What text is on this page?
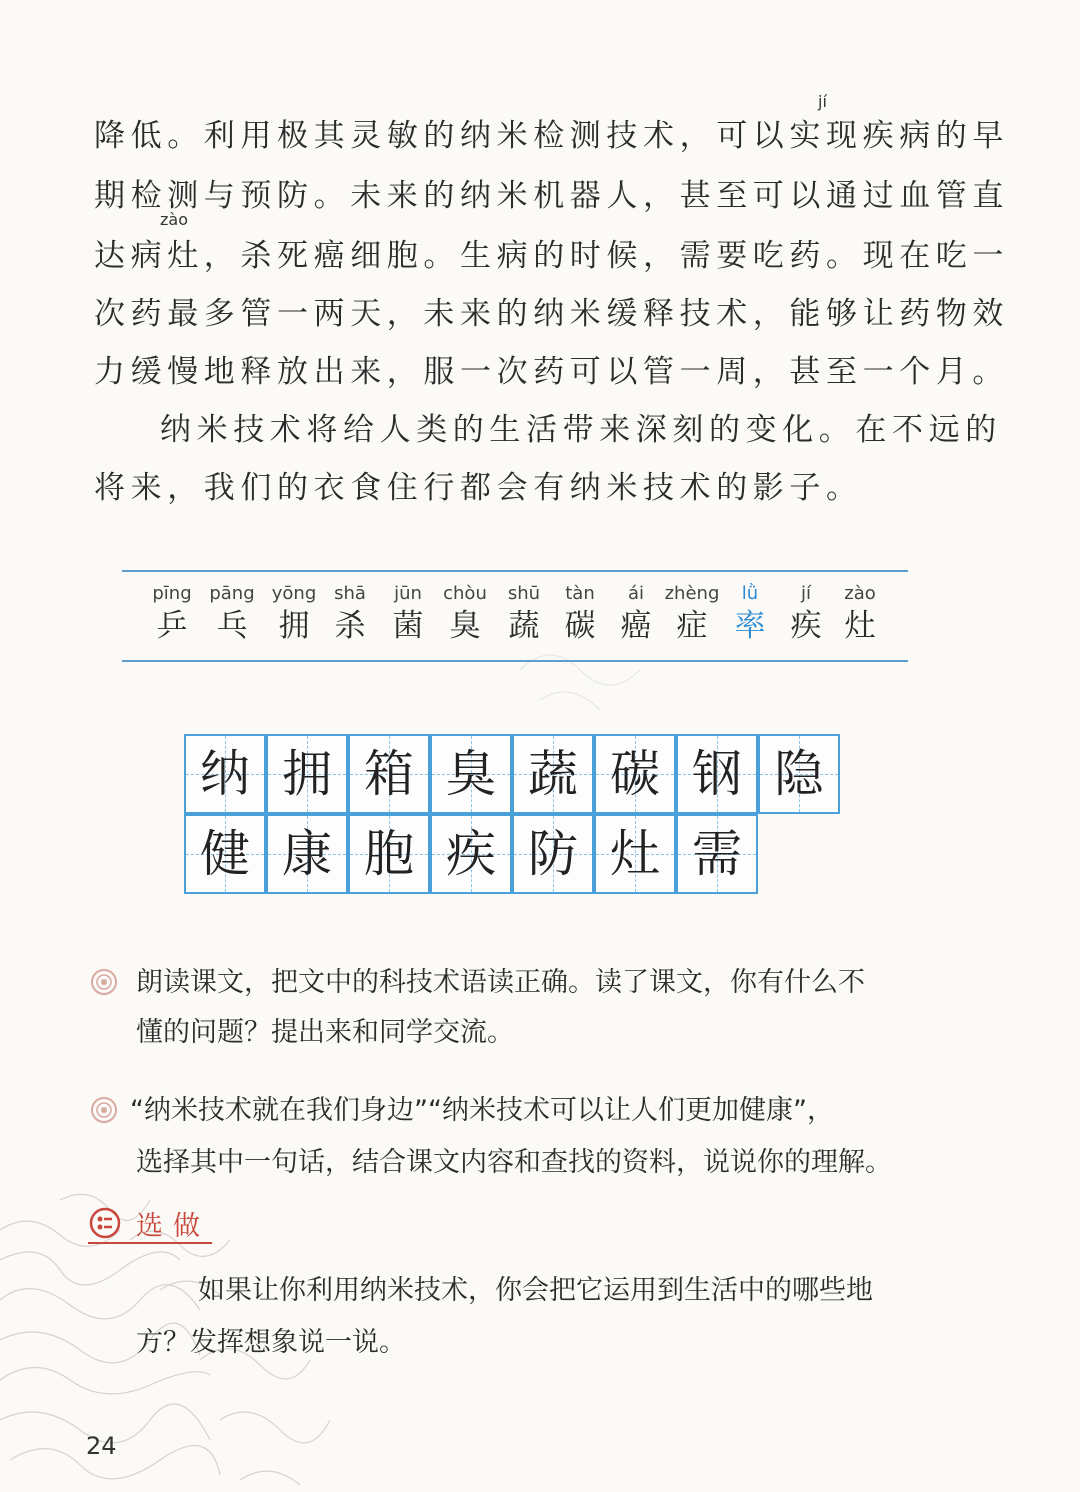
降低。利用极其灵敏的纳米检测技术，可以实现疾病的早
jí
期检测与预防。未来的纳米机器人，甚至可以通过血管直
zào
达病灶，杀死癌细胞。生病的时候，需要吃药。现在吃一
次药最多管一两天，未来的纳米缓释技术，能够让药物效
力缓慢地释放出来，服一次药可以管一周，甚至一个月。
纳米技术将给人类的生活带来深刻的变化。在不远的
将来，我们的衣食住行都会有纳米技术的影子。
pīng
乒
pāng
乓
yōng
拥
shā
杀
jūn
菌
chòu
臭
shū
蔬
tàn
碳
ái
癌
zhèng
症
lǜ
率
jí
疾
zào
灶
纳 拥 箱 臭 蔬 碳 钢 隐
健 康 胞 疾 防 灶 需
朗读课文，把文中的科技术语读正确。读了课文，你有什么不
懂的问题？提出来和同学交流。
“纳米技术就在我们身边”“纳米技术可以让人们更加健康”，
选择其中一句话，结合课文内容和查找的资料，说说你的理解。
选做
如果让你利用纳米技术，你会把它运用到生活中的哪些地
方？发挥想象说一说。
24
